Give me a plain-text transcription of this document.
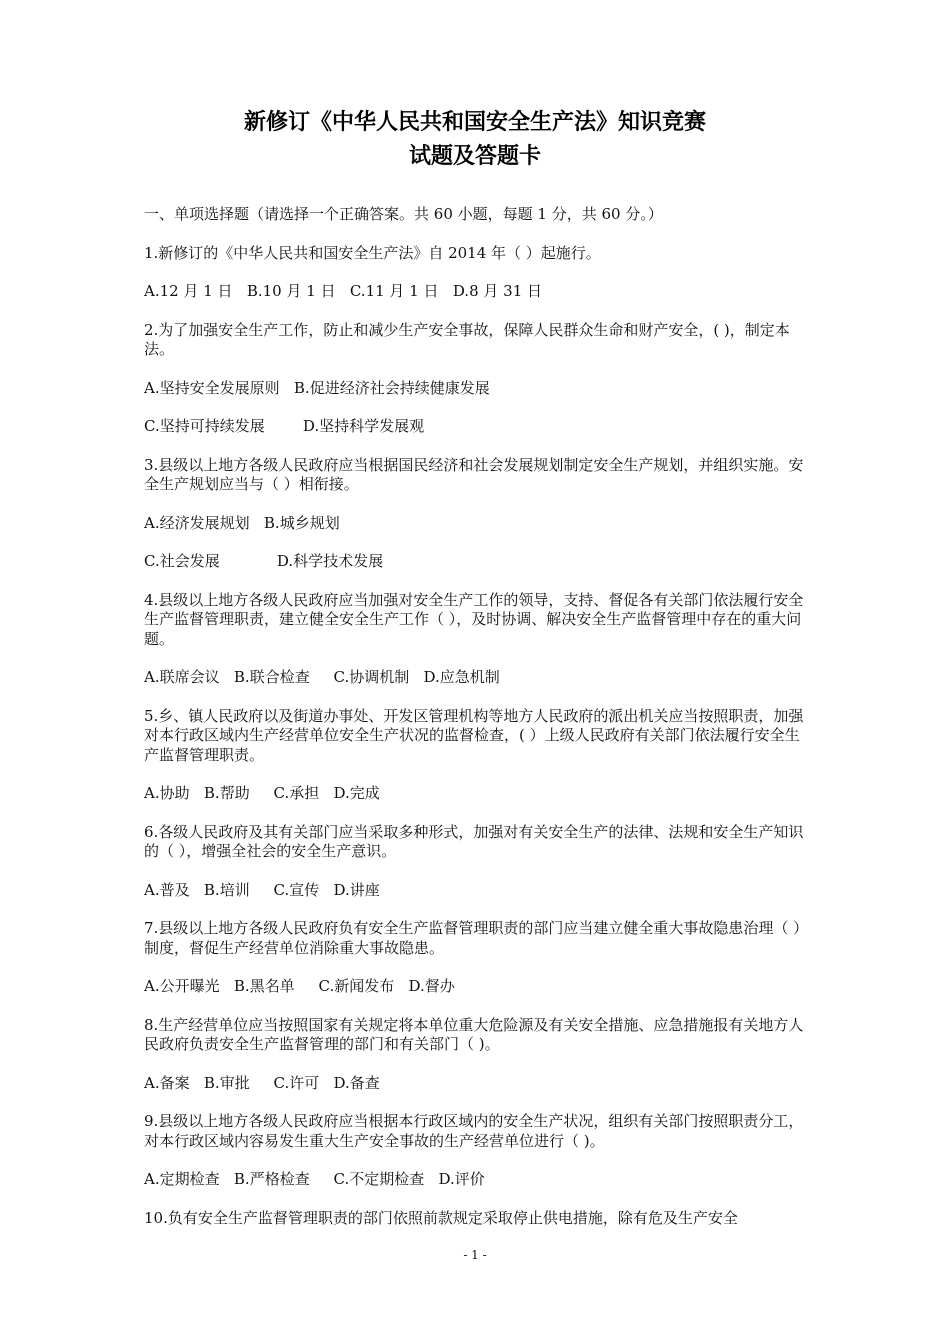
新修订《中华人民共和国安全生产法》知识竞赛
试题及答题卡

一、单项选择题（请选择一个正确答案。共 60 小题，每题 1 分，共 60 分。）

1.新修订的《中华人民共和国安全生产法》自 2014 年（ ）起施行。

A.12 月 1 日   B.10 月 1 日   C.11 月 1 日   D.8 月 31 日

2.为了加强安全生产工作，防止和减少生产安全事故，保障人民群众生命和财产安全，( )，制定本法。

A.坚持安全发展原则   B.促进经济社会持续健康发展

C.坚持可持续发展        D.坚持科学发展观

3.县级以上地方各级人民政府应当根据国民经济和社会发展规划制定安全生产规划，并组织实施。安全生产规划应当与（ ）相衔接。

A.经济发展规划   B.城乡规划

C.社会发展            D.科学技术发展

4.县级以上地方各级人民政府应当加强对安全生产工作的领导，支持、督促各有关部门依法履行安全生产监督管理职责，建立健全安全生产工作（ ），及时协调、解决安全生产监督管理中存在的重大问题。

A.联席会议   B.联合检查     C.协调机制   D.应急机制

5.乡、镇人民政府以及街道办事处、开发区管理机构等地方人民政府的派出机关应当按照职责，加强对本行政区域内生产经营单位安全生产状况的监督检查，( ）上级人民政府有关部门依法履行安全生产监督管理职责。

A.协助   B.帮助     C.承担   D.完成

6.各级人民政府及其有关部门应当采取多种形式，加强对有关安全生产的法律、法规和安全生产知识的（ ），增强全社会的安全生产意识。

A.普及   B.培训     C.宣传   D.讲座

7.县级以上地方各级人民政府负有安全生产监督管理职责的部门应当建立健全重大事故隐患治理（ ）制度，督促生产经营单位消除重大事故隐患。

A.公开曝光   B.黑名单     C.新闻发布   D.督办

8.生产经营单位应当按照国家有关规定将本单位重大危险源及有关安全措施、应急措施报有关地方人民政府负责安全生产监督管理的部门和有关部门（ )。

A.备案   B.审批     C.许可   D.备查

9.县级以上地方各级人民政府应当根据本行政区域内的安全生产状况，组织有关部门按照职责分工，对本行政区域内容易发生重大生产安全事故的生产经营单位进行（ )。

A.定期检查   B.严格检查     C.不定期检查   D.评价

10.负有安全生产监督管理职责的部门依照前款规定采取停止供电措施，除有危及生产安全

- 1 -
